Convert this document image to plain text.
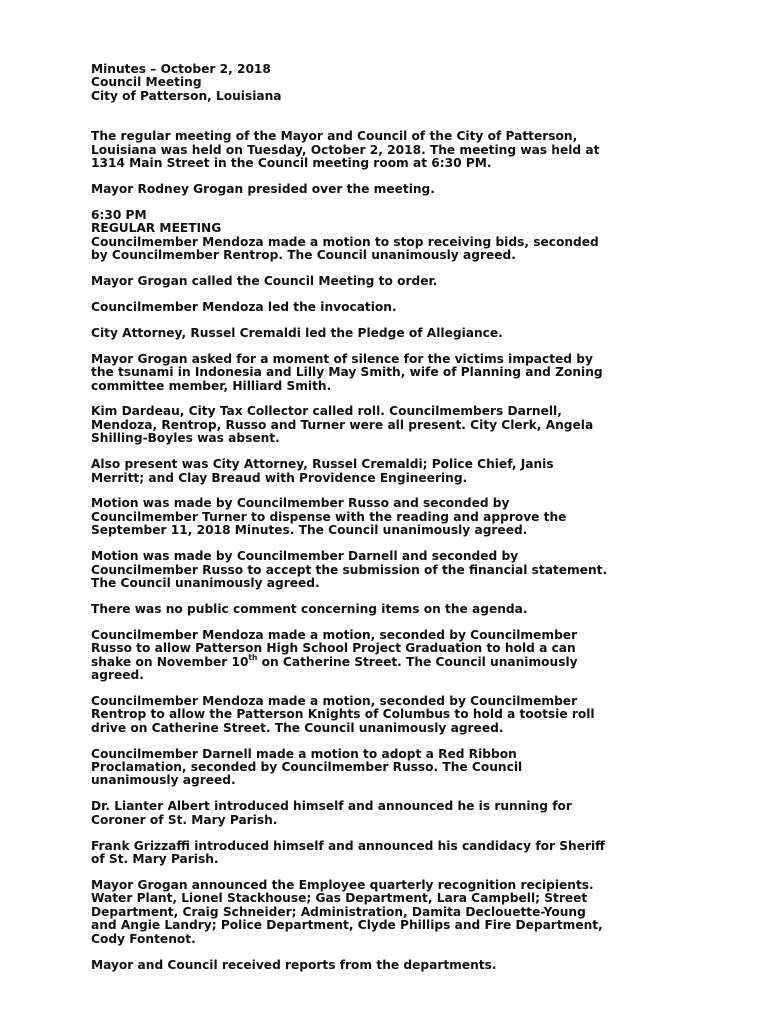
Minutes – October 2, 2018
Council Meeting
City of Patterson, Louisiana
The regular meeting of the Mayor and Council of the City of Patterson,
Louisiana was held on Tuesday, October 2, 2018. The meeting was held at
1314 Main Street in the Council meeting room at 6:30 PM.
Mayor Rodney Grogan presided over the meeting.
6:30 PM
REGULAR MEETING
Councilmember Mendoza made a motion to stop receiving bids, seconded
by Councilmember Rentrop. The Council unanimously agreed.
Mayor Grogan called the Council Meeting to order.
Councilmember Mendoza led the invocation.
City Attorney, Russel Cremaldi led the Pledge of Allegiance.
Mayor Grogan asked for a moment of silence for the victims impacted by
the tsunami in Indonesia and Lilly May Smith, wife of Planning and Zoning
committee member, Hilliard Smith.
Kim Dardeau, City Tax Collector called roll. Councilmembers Darnell,
Mendoza, Rentrop, Russo and Turner were all present. City Clerk, Angela
Shilling-Boyles was absent.
Also present was City Attorney, Russel Cremaldi; Police Chief, Janis
Merritt; and Clay Breaud with Providence Engineering.
Motion was made by Councilmember Russo and seconded by
Councilmember Turner to dispense with the reading and approve the
September 11, 2018 Minutes. The Council unanimously agreed.
Motion was made by Councilmember Darnell and seconded by
Councilmember Russo to accept the submission of the financial statement.
The Council unanimously agreed.
There was no public comment concerning items on the agenda.
Councilmember Mendoza made a motion, seconded by Councilmember
Russo to allow Patterson High School Project Graduation to hold a can
shake on November 10th on Catherine Street. The Council unanimously
agreed.
Councilmember Mendoza made a motion, seconded by Councilmember
Rentrop to allow the Patterson Knights of Columbus to hold a tootsie roll
drive on Catherine Street. The Council unanimously agreed.
Councilmember Darnell made a motion to adopt a Red Ribbon
Proclamation, seconded by Councilmember Russo. The Council
unanimously agreed.
Dr. Lianter Albert introduced himself and announced he is running for
Coroner of St. Mary Parish.
Frank Grizzaffi introduced himself and announced his candidacy for Sheriff
of St. Mary Parish.
Mayor Grogan announced the Employee quarterly recognition recipients.
Water Plant, Lionel Stackhouse; Gas Department, Lara Campbell; Street
Department, Craig Schneider; Administration, Damita Declouette-Young
and Angie Landry; Police Department, Clyde Phillips and Fire Department,
Cody Fontenot.
Mayor and Council received reports from the departments.
